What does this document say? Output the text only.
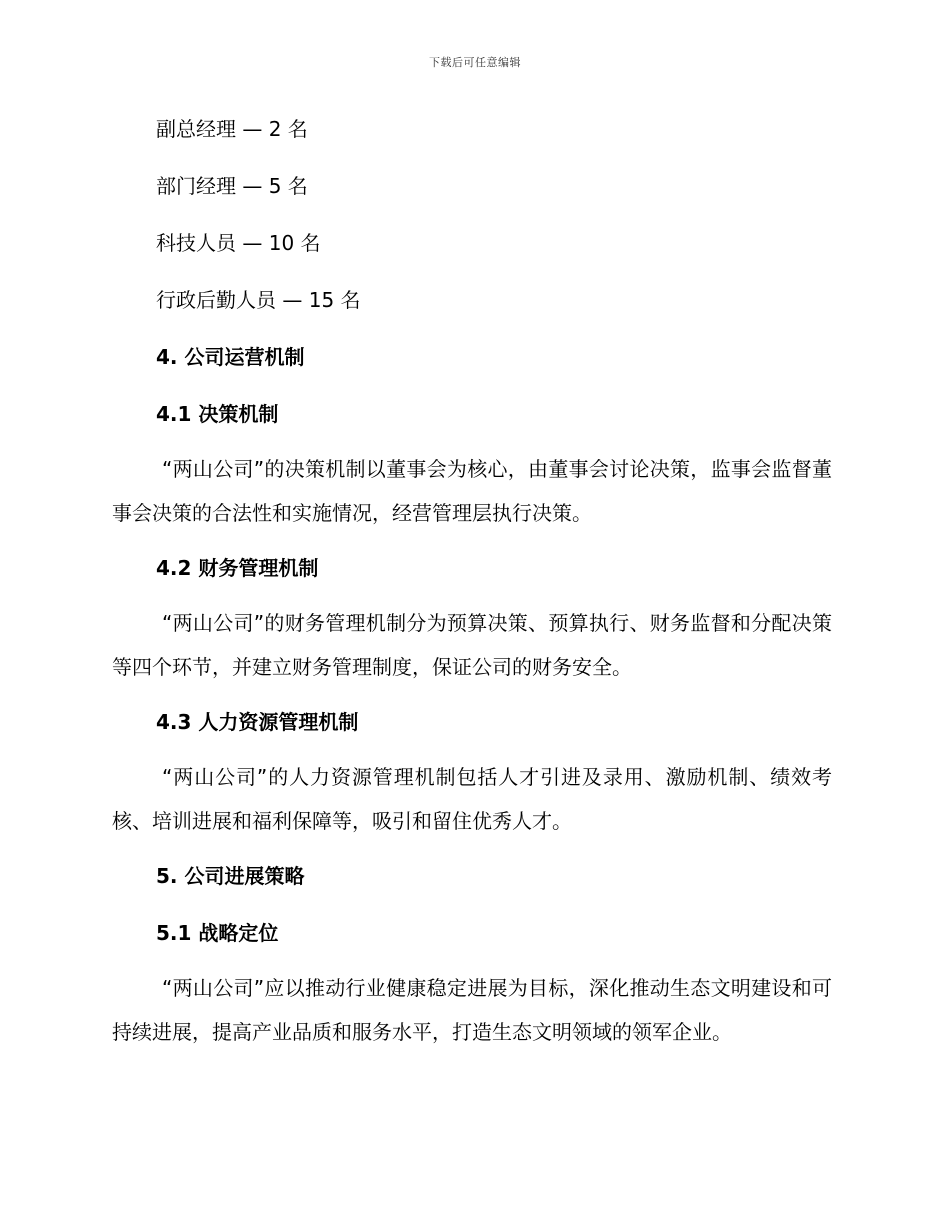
下载后可任意编辑

副总经理 — 2 名

部门经理 — 5 名

科技人员 — 10 名

行政后勤人员 — 15 名

4. 公司运营机制

4.1 决策机制

“两山公司”的决策机制以董事会为核心，由董事会讨论决策，监事会监督董事会决策的合法性和实施情况，经营管理层执行决策。

4.2 财务管理机制

“两山公司”的财务管理机制分为预算决策、预算执行、财务监督和分配决策等四个环节，并建立财务管理制度，保证公司的财务安全。

4.3 人力资源管理机制

“两山公司”的人力资源管理机制包括人才引进及录用、激励机制、绩效考核、培训进展和福利保障等，吸引和留住优秀人才。

5. 公司进展策略

5.1 战略定位

“两山公司”应以推动行业健康稳定进展为目标，深化推动生态文明建设和可持续进展，提高产业品质和服务水平，打造生态文明领域的领军企业。
